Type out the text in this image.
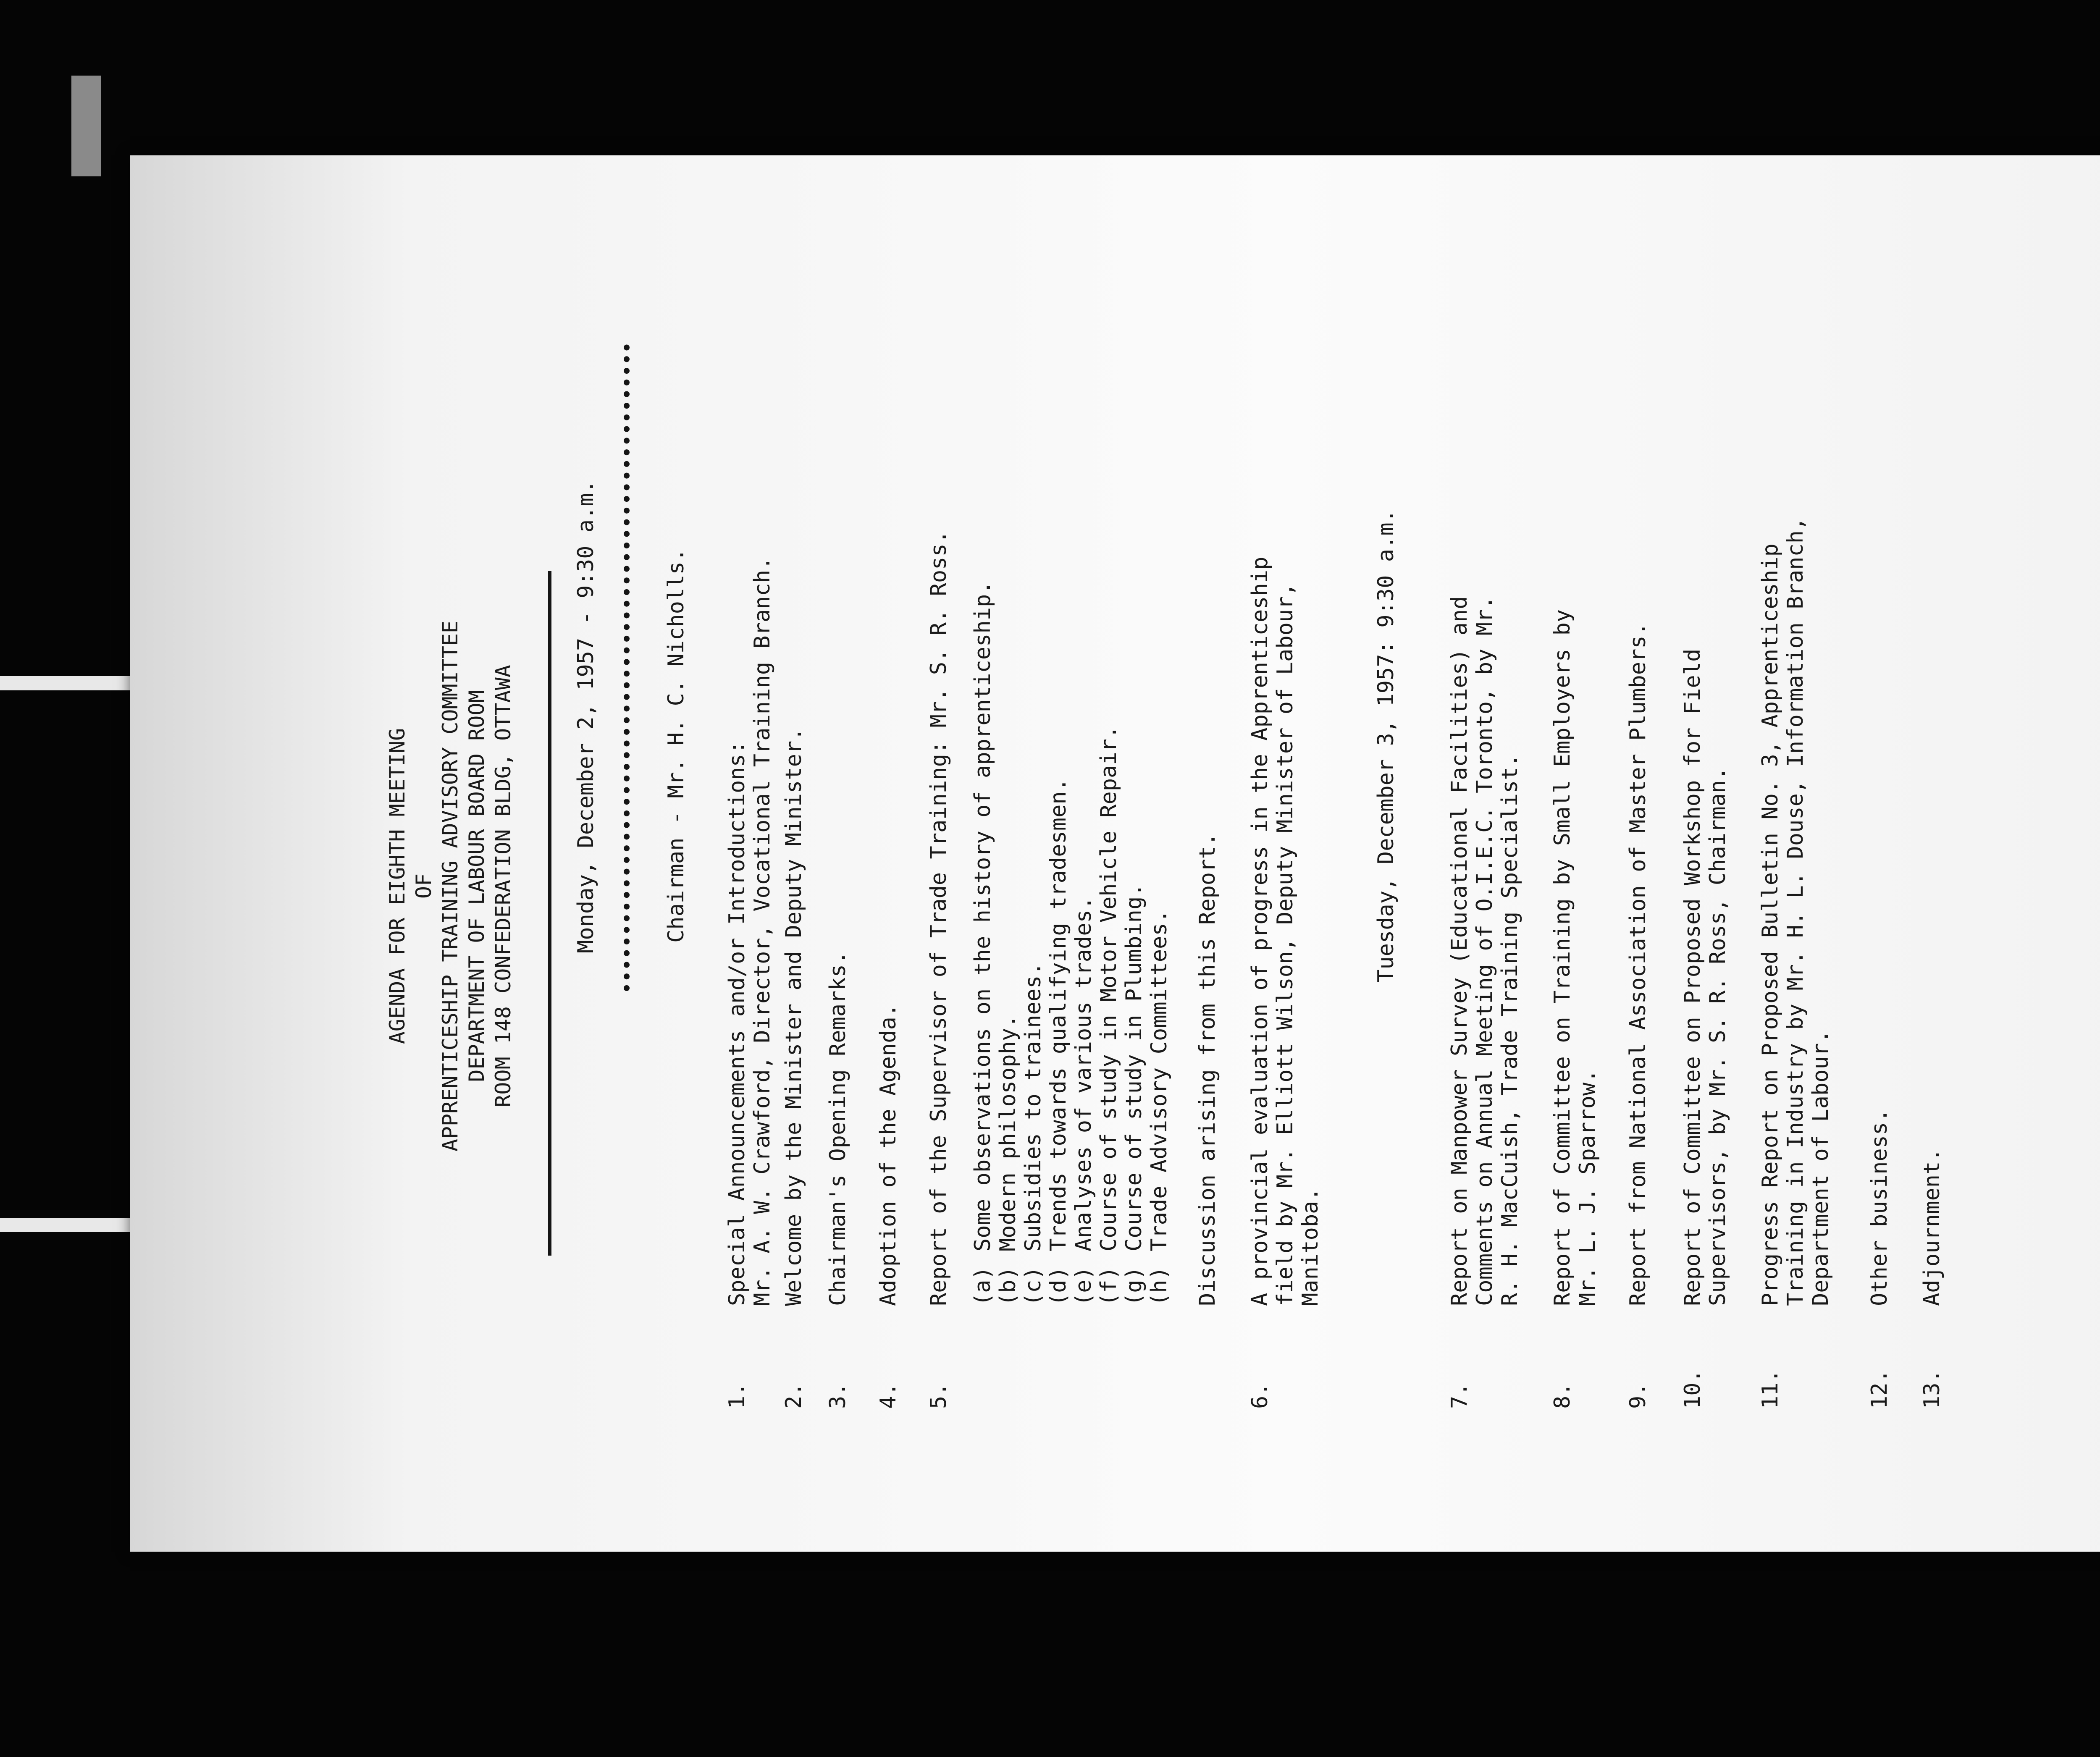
AGENDA FOR EIGHTH MEETING OF APPRENTICESHIP TRAINING ADVISORY COMMITTEE DEPARTMENT OF LABOUR BOARD ROOM ROOM 148 CONFEDERATION BLDG, OTTAWA	Monday, December 2, 1957 - 9:30 a.m.	Chairman - Mr. H. C. Nicholls.
1.
Special Announcements and/or Introductions: Mr. A. W. Crawford, Director, Vocational Training Branch.
2.
Welcome by the Minister and Deputy Minister.
3.
Chairman's Opening Remarks.
4.
Adoption of the Agenda.
5.
Report of the Supervisor of Trade Training: Mr. S. R. Ross. (a)
Some observations on the history of apprenticeship.
(b)
Modern philosophy.
(c)
Subsidies to trainees.
(d)
Trends towards qualifying tradesmen.
(e)
Analyses of various trades.
(f)
Course of study in Motor Vehicle Repair.
(g)
Course of study in Plumbing.
(h)
Trade Advisory Committees. Discussion arising from this Report.
6.
A provincial evaluation of progress in the Apprenticeship field by Mr. Elliott Wilson, Deputy Minister of Labour, Manitoba.
Tuesday, December 3, 1957: 9:30 a.m.
7.
Report on Manpower Survey (Educational Facilities) and Comments on Annual Meeting of O.I.E.C. Toronto, by Mr. R. H. MacCuish, Trade Training Specialist.
8.
Report of Committee on Training by Small Employers by Mr. L. J. Sparrow.
9.
Report from National Association of Master Plumbers.
10.
Report of Committee on Proposed Workshop for Field Supervisors, by Mr. S. R. Ross, Chairman.
11.
Progress Report on Proposed Bulletin No. 3, Apprenticeship Training in Industry by Mr. H. L. Douse, Information Branch, Department of Labour.
12.
Other business.
13.
Adjournment.
